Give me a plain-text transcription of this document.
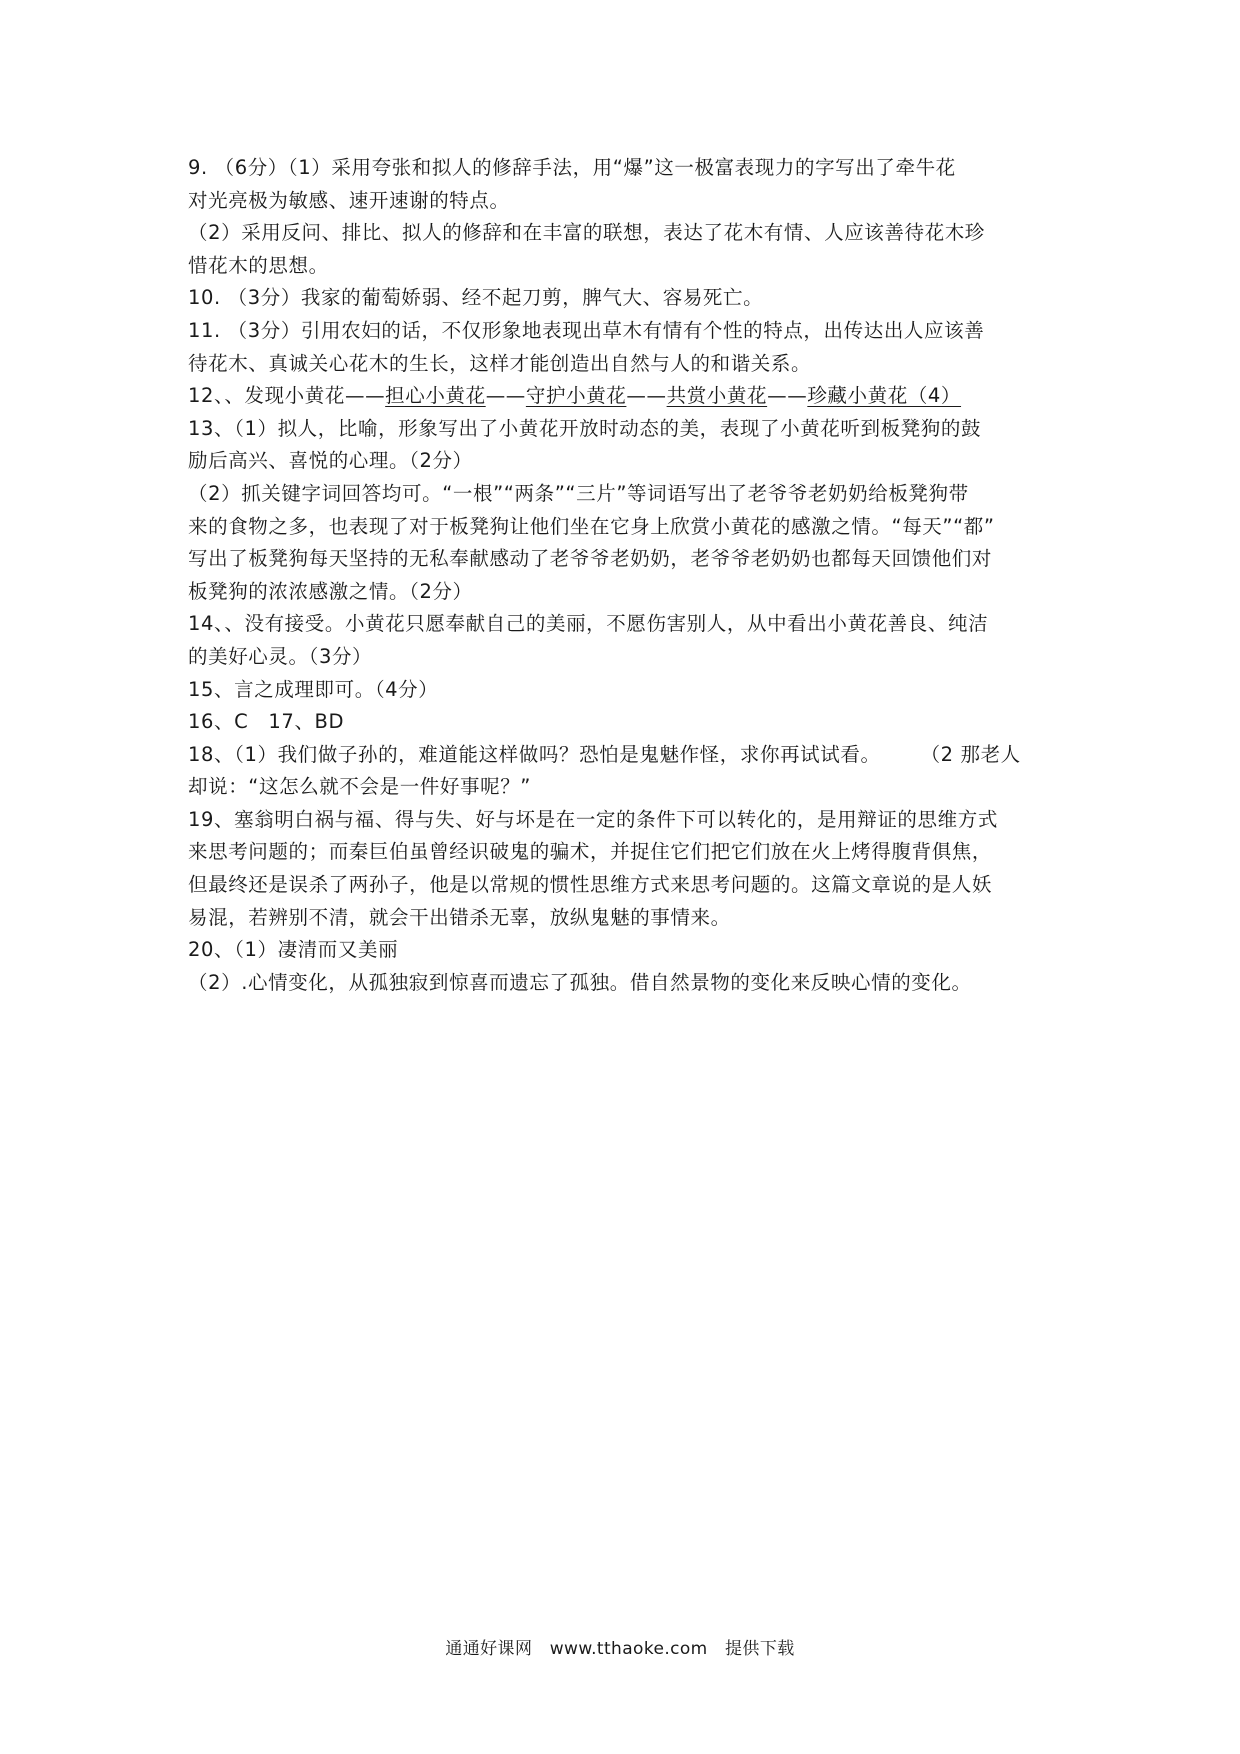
9. （6分）（1）采用夸张和拟人的修辞手法，用“爆”这一极富表现力的字写出了牵牛花
对光亮极为敏感、速开速谢的特点。
（2）采用反问、排比、拟人的修辞和在丰富的联想，表达了花木有情、人应该善待花木珍
惜花木的思想。
10. （3分）我家的葡萄娇弱、经不起刀剪，脾气大、容易死亡。
11. （3分）引用农妇的话，不仅形象地表现出草木有情有个性的特点，出传达出人应该善
待花木、真诚关心花木的生长，这样才能创造出自然与人的和谐关系。
12、、发现小黄花——担心小黄花——守护小黄花——共赏小黄花——珍藏小黄花（4）
13、（1）拟人，比喻，形象写出了小黄花开放时动态的美，表现了小黄花听到板凳狗的鼓
励后高兴、喜悦的心理。（2分）
（2）抓关键字词回答均可。“一根”“两条”“三片”等词语写出了老爷爷老奶奶给板凳狗带
来的食物之多，也表现了对于板凳狗让他们坐在它身上欣赏小黄花的感激之情。“每天”“都”
写出了板凳狗每天坚持的无私奉献感动了老爷爷老奶奶，老爷爷老奶奶也都每天回馈他们对
板凳狗的浓浓感激之情。（2分）
14、、没有接受。小黄花只愿奉献自己的美丽，不愿伤害别人，从中看出小黄花善良、纯洁
的美好心灵。（3分）
15、言之成理即可。（4分）
16、C　17、BD
18、（1）我们做子孙的，难道能这样做吗？恐怕是鬼魅作怪，求你再试试看。 （2 那老人
却说：“这怎么就不会是一件好事呢？”
19、塞翁明白祸与福、得与失、好与坏是在一定的条件下可以转化的，是用辩证的思维方式
来思考问题的；而秦巨伯虽曾经识破鬼的骗术，并捉住它们把它们放在火上烤得腹背俱焦，
但最终还是误杀了两孙子，他是以常规的惯性思维方式来思考问题的。这篇文章说的是人妖
易混，若辨别不清，就会干出错杀无辜，放纵鬼魅的事情来。
20、（1）凄清而又美丽
（2）.心情变化，从孤独寂到惊喜而遗忘了孤独。借自然景物的变化来反映心情的变化。
通通好课网　www.tthaoke.com　提供下载
